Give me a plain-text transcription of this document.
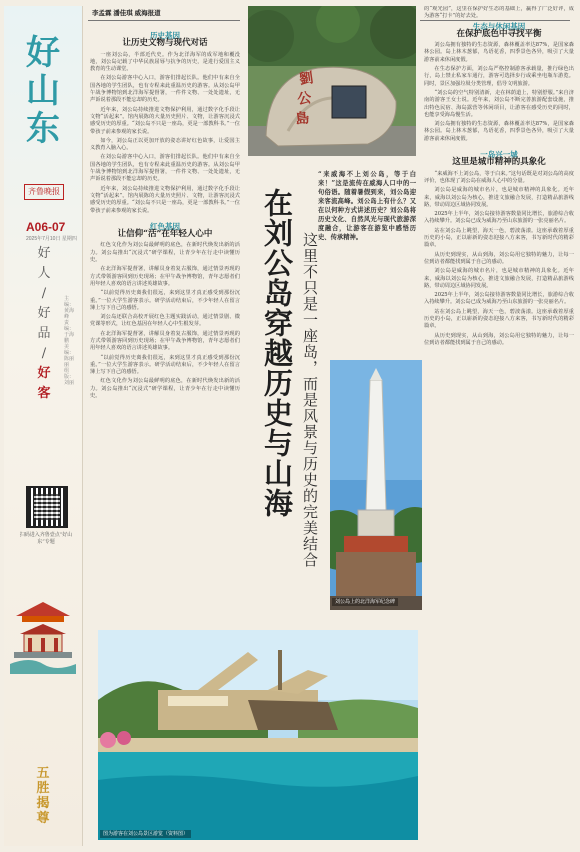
好
山
东
齐鲁晚报
A06-07
2025年7月10日 星期四
好
人
/
好
品
/
好
客
主编：黄海峰 责编：于海鹏 美编：陈丽丽 组版：刘丽
扫码进入齐鲁壹点“好山东”专题
五 胜 揭 尊
李孟霖 潘佳琪 威海报道
历史基因
让历史文物与现代对话

一座刘公岛，半部近代史。作为北洋海军的成军地和覆没地，刘公岛记载了中华民族屈辱与抗争的历史，是进行爱国主义教育的生动课堂。

在刘公岛游客中心入口，游客们排起长队。他们中有来自全国各地的学生团队，也有专程来此重温历史的游客。从刘公岛甲午战争博物馆到北洋海军提督署，一件件文物、一处处遗址，无声诉说着那段不能忘却的历史。

近年来，刘公岛持续推进文物保护利用，通过数字化手段让文物“活起来”。馆内展陈的大量历史照片、文物，让游客沉浸式感受历史的厚重。“刘公岛不只是一座岛，更是一部教科书。”一位带孩子前来参观的家长说。

如今，刘公岛正以更加开放的姿态讲好红色故事，让爱国主义教育入脑入心。

在刘公岛游客中心入口，游客们排起长队。他们中有来自全国各地的学生团队，也有专程来此重温历史的游客。从刘公岛甲午战争博物馆到北洋海军提督署，一件件文物、一处处遗址，无声诉说着那段不能忘却的历史。

近年来，刘公岛持续推进文物保护利用，通过数字化手段让文物“活起来”。馆内展陈的大量历史照片、文物，让游客沉浸式感受历史的厚重。“刘公岛不只是一座岛，更是一部教科书。”一位带孩子前来参观的家长说。

红色基因
让信仰“活”在年轻人心中

红色文化作为刘公岛最鲜明的底色，在新时代焕发出新的活力。刘公岛推出“沉浸式”研学课程，让青少年在行走中读懂历史。

在北洋海军提督署，讲解员身着复古服饰，通过情景再现的方式带领游客回到历史现场；在甲午战争博物馆，青年志愿者们用年轻人喜欢的语言讲述英雄故事。

“以前觉得历史离我们很远，来到这里才真正感受到那份沉重。”一位大学生游客表示。研学活动结束后，不少年轻人在留言簿上写下自己的感悟。

刘公岛还联合高校开展红色主题实践活动，通过情景剧、微党课等形式，让红色基因在年轻人心中生根发芽。

在北洋海军提督署，讲解员身着复古服饰，通过情景再现的方式带领游客回到历史现场；在甲午战争博物馆，青年志愿者们用年轻人喜欢的语言讲述英雄故事。

“以前觉得历史离我们很远，来到这里才真正感受到那份沉重。”一位大学生游客表示。研学活动结束后，不少年轻人在留言簿上写下自己的感悟。

红色文化作为刘公岛最鲜明的底色，在新时代焕发出新的活力。刘公岛推出“沉浸式”研学课程，让青少年在行走中读懂历史。

劉
公
島
“来威海不上刘公岛，等于白来！”这是流传在威海人口中的一句俗语。随着暑假到来，刘公岛迎来客流高峰。刘公岛上有什么？又在以何种方式讲述历史？刘公岛将历史文化、自然风光与现代旅游深度融合，让游客在游览中感悟历史、传承精神。
在刘公岛穿越历史与山海 这里不只是一座岛，而是风景与历史的完美结合
刘公岛上的北洋海军纪念碑
图为游客在刘公岛景区游览（资料图）

的“观光园”，这里在保护好生态的基础上，赢得了广泛好评，成为游客“打卡”的好去处。

生态与休闲基因
在保护底色中寻找平衡

刘公岛拥有独特的生态资源，森林覆盖率达87%，是国家森林公园。岛上林木葱郁，鸟语花香，四季景色各异，吸引了大量游客前来休闲度假。

在生态保护方面，刘公岛严格控制游客承载量，推行绿色出行，岛上禁止私家车通行，游客可选择步行或乘坐电瓶车游览。同时，景区加强垃圾分类管理，倡导文明旅游。

“刘公岛的空气特别清新，走在林荫道上，特别舒服。”来自济南的游客王女士说。近年来，刘公岛不断完善旅游配套设施，推出特色民宿、海岛露营等休闲项目，让游客在感受历史的同时，也能享受海岛慢生活。

刘公岛拥有独特的生态资源，森林覆盖率达87%，是国家森林公园。岛上林木葱郁，鸟语花香，四季景色各异，吸引了大量游客前来休闲度假。

一岛兴一城
这里是城市精神的具象化

“来威海不上刘公岛，等于白来。”这句话既是对刘公岛的高度评价，也体现了刘公岛在威海人心中的分量。

刘公岛是威海的城市名片，也是城市精神的具象化。近年来，威海以刘公岛为核心，推进文旅融合发展，打造精品旅游线路，带动周边区域协同发展。

2025年上半年，刘公岛接待游客数量同比增长，旅游综合收入持续攀升。刘公岛已成为威海乃至山东旅游的一张亮丽名片。

站在刘公岛上眺望，海天一色，碧波荡漾。这座承载着厚重历史的小岛，正以崭新的姿态迎接八方来客，书写新时代的精彩篇章。

从历史到现实，从山到海，刘公岛用它独特的魅力，让每一位到访者都能找到属于自己的感动。

刘公岛是威海的城市名片，也是城市精神的具象化。近年来，威海以刘公岛为核心，推进文旅融合发展，打造精品旅游线路，带动周边区域协同发展。

2025年上半年，刘公岛接待游客数量同比增长，旅游综合收入持续攀升。刘公岛已成为威海乃至山东旅游的一张亮丽名片。

站在刘公岛上眺望，海天一色，碧波荡漾。这座承载着厚重历史的小岛，正以崭新的姿态迎接八方来客，书写新时代的精彩篇章。

从历史到现实，从山到海，刘公岛用它独特的魅力，让每一位到访者都能找到属于自己的感动。
